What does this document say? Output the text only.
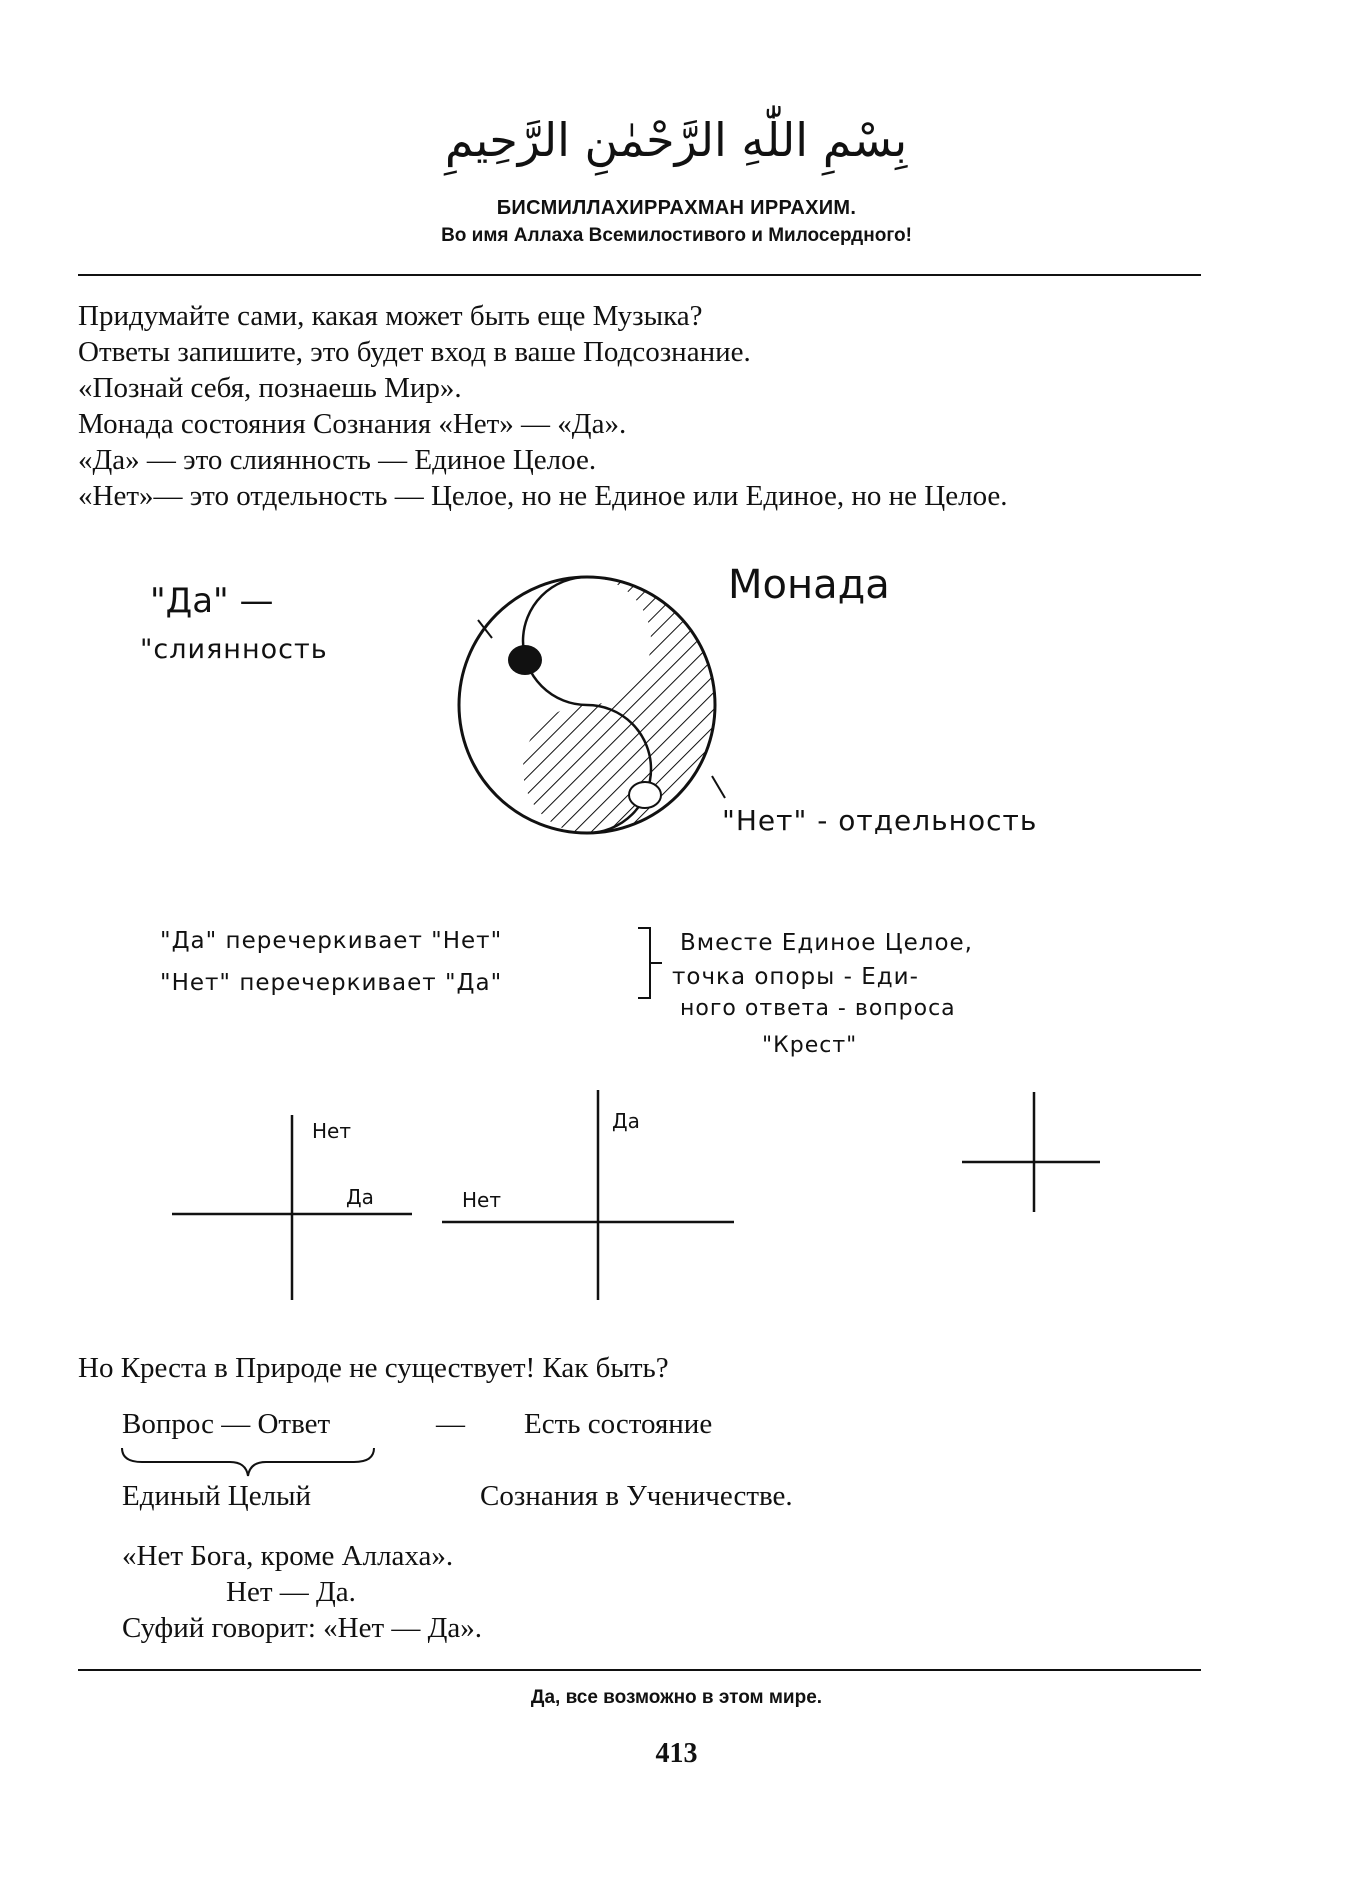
بِسْمِ اللّٰهِ الرَّحْمٰنِ الرَّحِيمِ
БИСМИЛЛАХИРРАХМАН ИРРАХИМ.
Во имя Аллаха Всемилостивого и Милосердного!
Придумайте сами, какая может быть еще Музыка?
Ответы запишите, это будет вход в ваше Подсознание.
«Познай себя, познаешь Мир».
Монада состояния Сознания «Нет» — «Да».
«Да» — это слиянность — Единое Целое.
«Нет»— это отдельность — Целое, но не Единое или Единое, но не Целое.
Монада
"Да" —
"слиянность
"Нет" - отдельность
"Да" перечеркивает "Нет"
"Нет" перечеркивает "Да"
Вместе Единое Целое,
точка опоры - Еди-
ного ответа - вопроса
"Крест"
Нет
Да	Нет
Да
Но Креста в Природе не существует! Как быть?
Вопрос — Ответ	— Есть состояние
Единый Целый	Сознания в Ученичестве.
«Нет Бога, кроме Аллаха».
Нет — Да.
Суфий говорит: «Нет — Да».
Да, все возможно в этом мире.
413
